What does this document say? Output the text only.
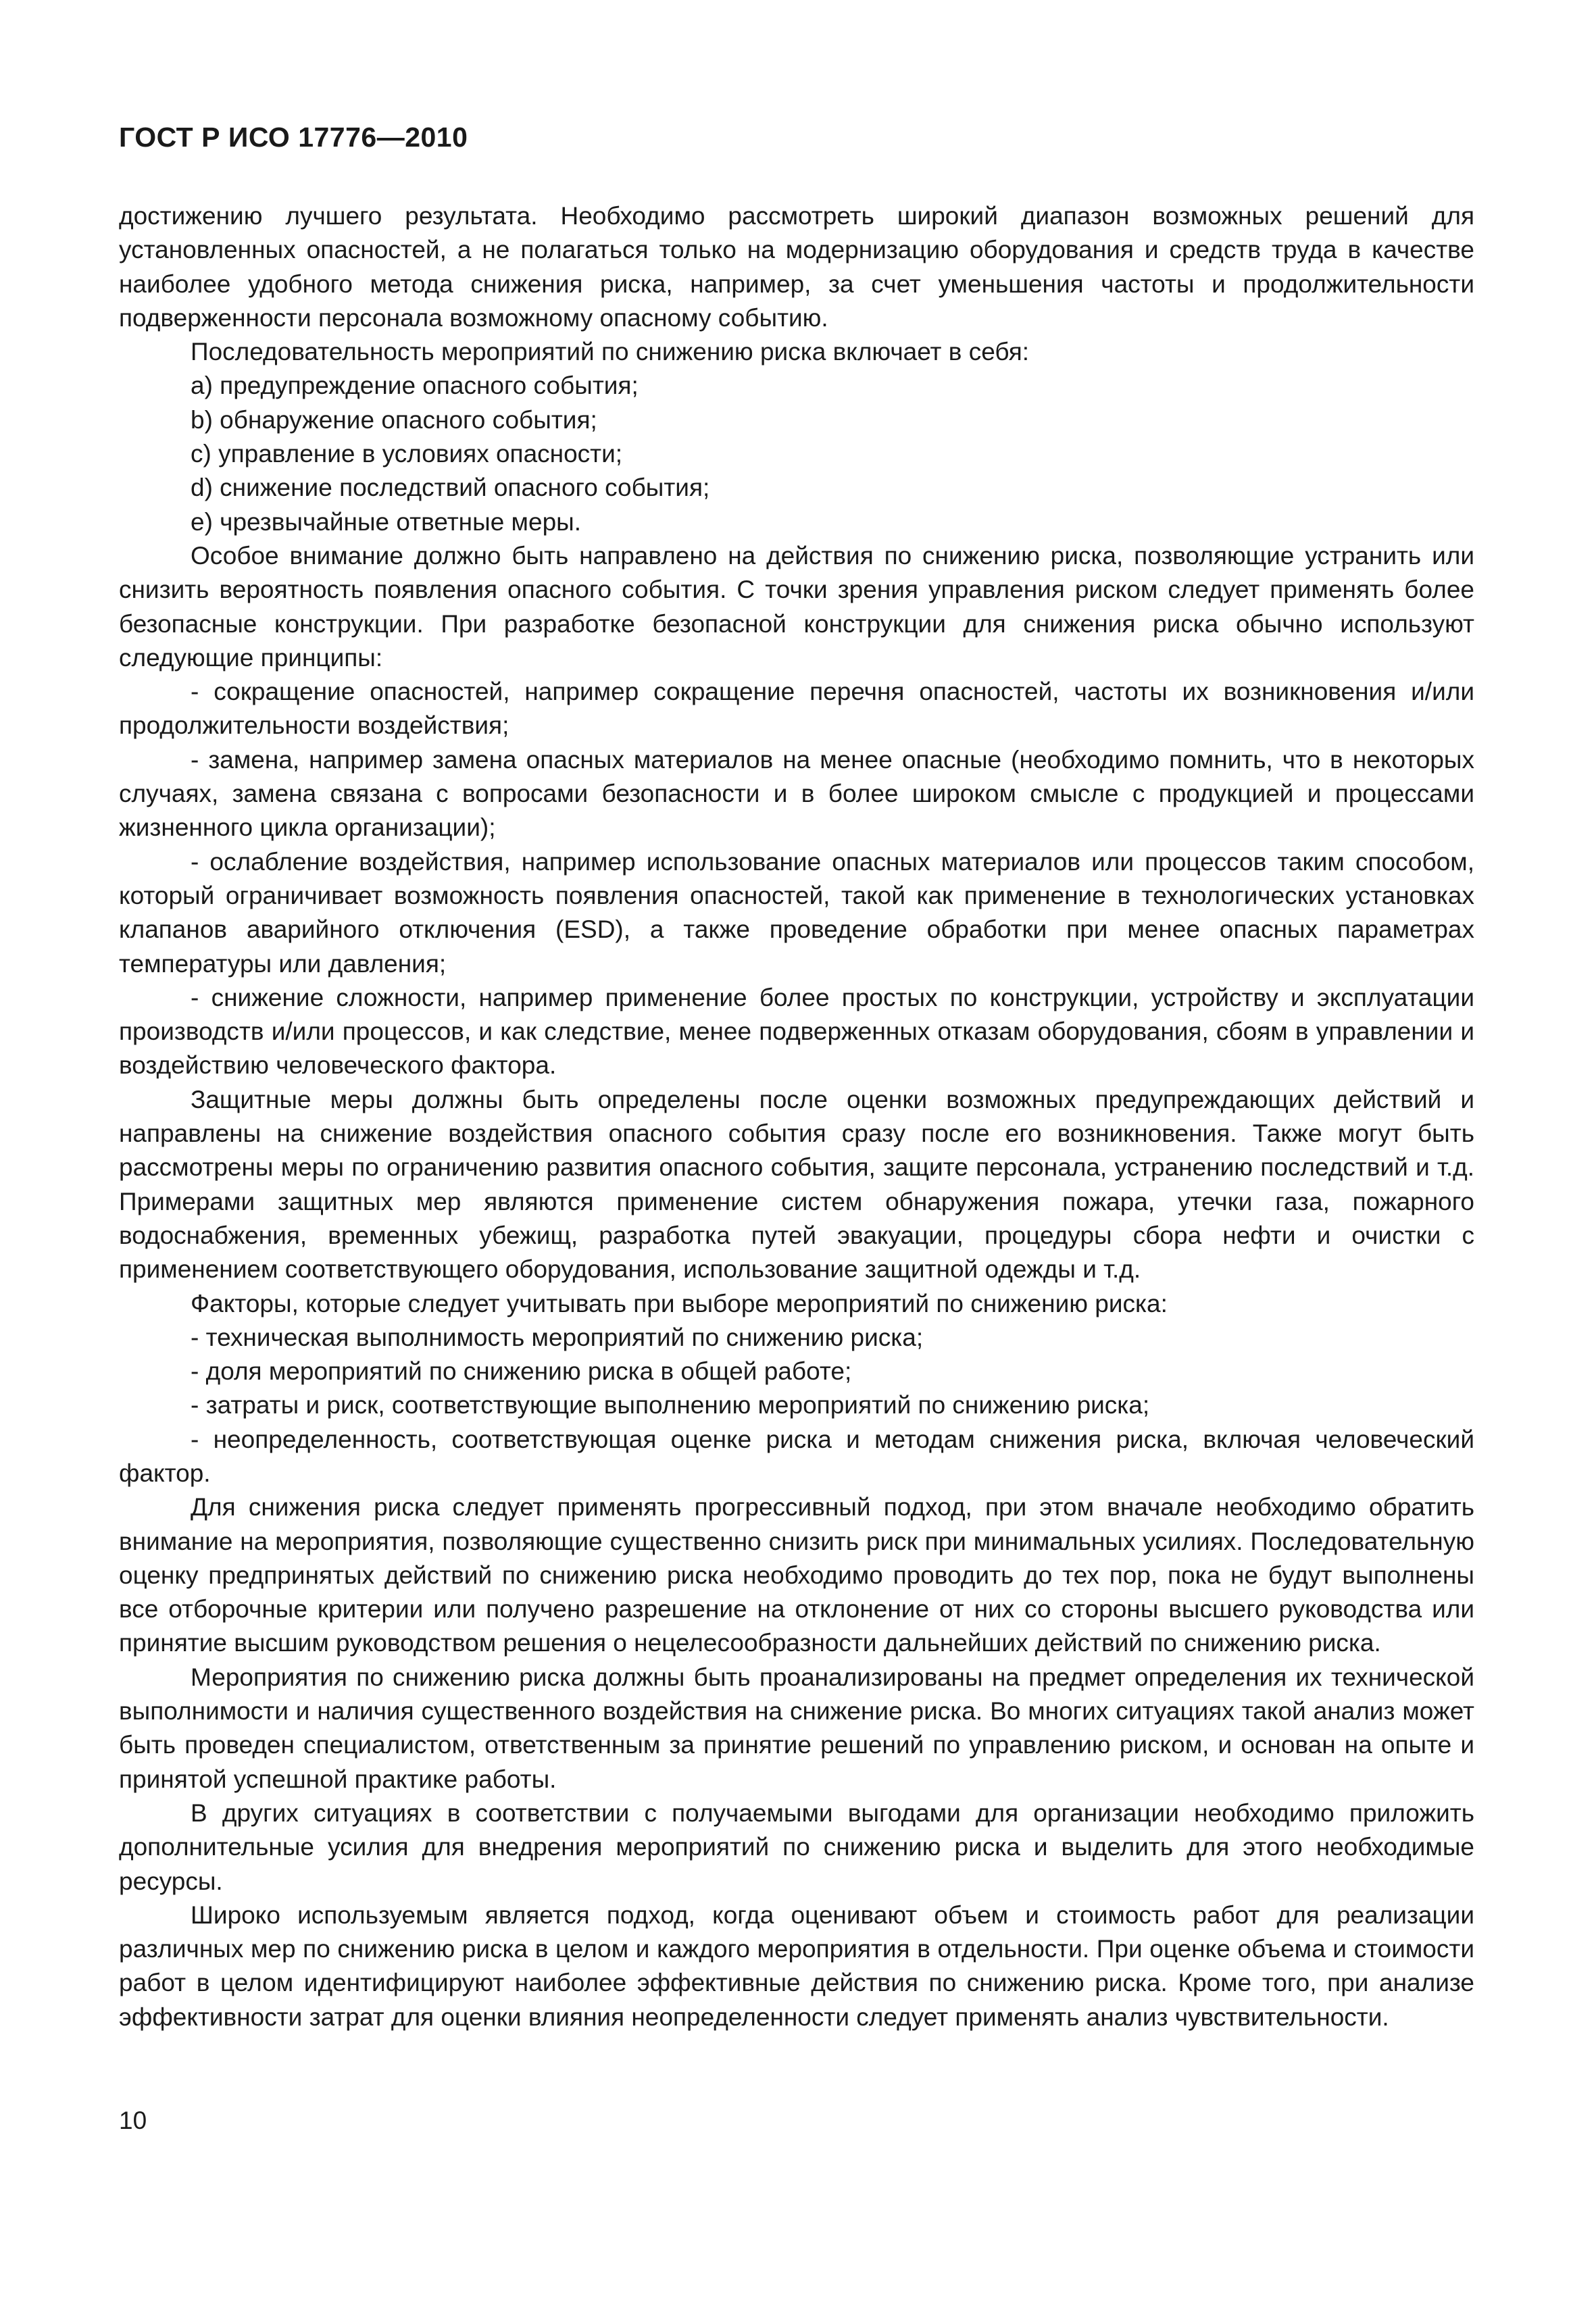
ГОСТ Р ИСО 17776—2010

достижению лучшего результата. Необходимо рассмотреть широкий диапазон возможных решений для установленных опасностей, а не полагаться только на модернизацию оборудования и средств труда в качестве наиболее удобного метода снижения риска, например, за счет уменьшения частоты и продолжительности подверженности персонала возможному опасному событию.

Последовательность мероприятий по снижению риска включает в себя:

a) предупреждение опасного события;

b) обнаружение опасного события;

c) управление в условиях опасности;

d) снижение последствий опасного события;

e) чрезвычайные ответные меры.

Особое внимание должно быть направлено на действия по снижению риска, позволяющие устранить или снизить вероятность появления опасного события. С точки зрения управления риском следует применять более безопасные конструкции. При разработке безопасной конструкции для снижения риска обычно используют следующие принципы:

- сокращение опасностей, например сокращение перечня опасностей, частоты их возникновения и/или продолжительности воздействия;

- замена, например замена опасных материалов на менее опасные (необходимо помнить, что в некоторых случаях, замена связана с вопросами безопасности и в более широком смысле с продукцией и процессами жизненного цикла организации);

- ослабление воздействия, например использование опасных материалов или процессов таким способом, который ограничивает возможность появления опасностей, такой как применение в технологических установках клапанов аварийного отключения (ESD), а также проведение обработки при менее опасных параметрах температуры или давления;

- снижение сложности, например применение более простых по конструкции, устройству и эксплуатации производств и/или процессов, и как следствие, менее подверженных отказам оборудования, сбоям в управлении и воздействию человеческого фактора.

Защитные меры должны быть определены после оценки возможных предупреждающих действий и направлены на снижение воздействия опасного события сразу после его возникновения. Также могут быть рассмотрены меры по ограничению развития опасного события, защите персонала, устранению последствий и т.д. Примерами защитных мер являются применение систем обнаружения пожара, утечки газа, пожарного водоснабжения, временных убежищ, разработка путей эвакуации, процедуры сбора нефти и очистки с применением соответствующего оборудования, использование защитной одежды и т.д.

Факторы, которые следует учитывать при выборе мероприятий по снижению риска:

- техническая выполнимость мероприятий по снижению риска;

- доля мероприятий по снижению риска в общей работе;

- затраты и риск, соответствующие выполнению мероприятий по снижению риска;

- неопределенность, соответствующая оценке риска и методам снижения риска, включая человеческий фактор.

Для снижения риска следует применять прогрессивный подход, при этом вначале необходимо обратить внимание на мероприятия, позволяющие существенно снизить риск при минимальных усилиях. Последовательную оценку предпринятых действий по снижению риска необходимо проводить до тех пор, пока не будут выполнены все отборочные критерии или получено разрешение на отклонение от них со стороны высшего руководства или принятие высшим руководством решения о нецелесообразности дальнейших действий по снижению риска.

Мероприятия по снижению риска должны быть проанализированы на предмет определения их технической выполнимости и наличия существенного воздействия на снижение риска. Во многих ситуациях такой анализ может быть проведен специалистом, ответственным за принятие решений по управлению риском, и основан на опыте и принятой успешной практике работы.

В других ситуациях в соответствии с получаемыми выгодами для организации необходимо приложить дополнительные усилия для внедрения мероприятий по снижению риска и выделить для этого необходимые ресурсы.

Широко используемым является подход, когда оценивают объем и стоимость работ для реализации различных мер по снижению риска в целом и каждого мероприятия в отдельности. При оценке объема и стоимости работ в целом идентифицируют наиболее эффективные действия по снижению риска. Кроме того, при анализе эффективности затрат для оценки влияния неопределенности следует применять анализ чувствительности.

10
